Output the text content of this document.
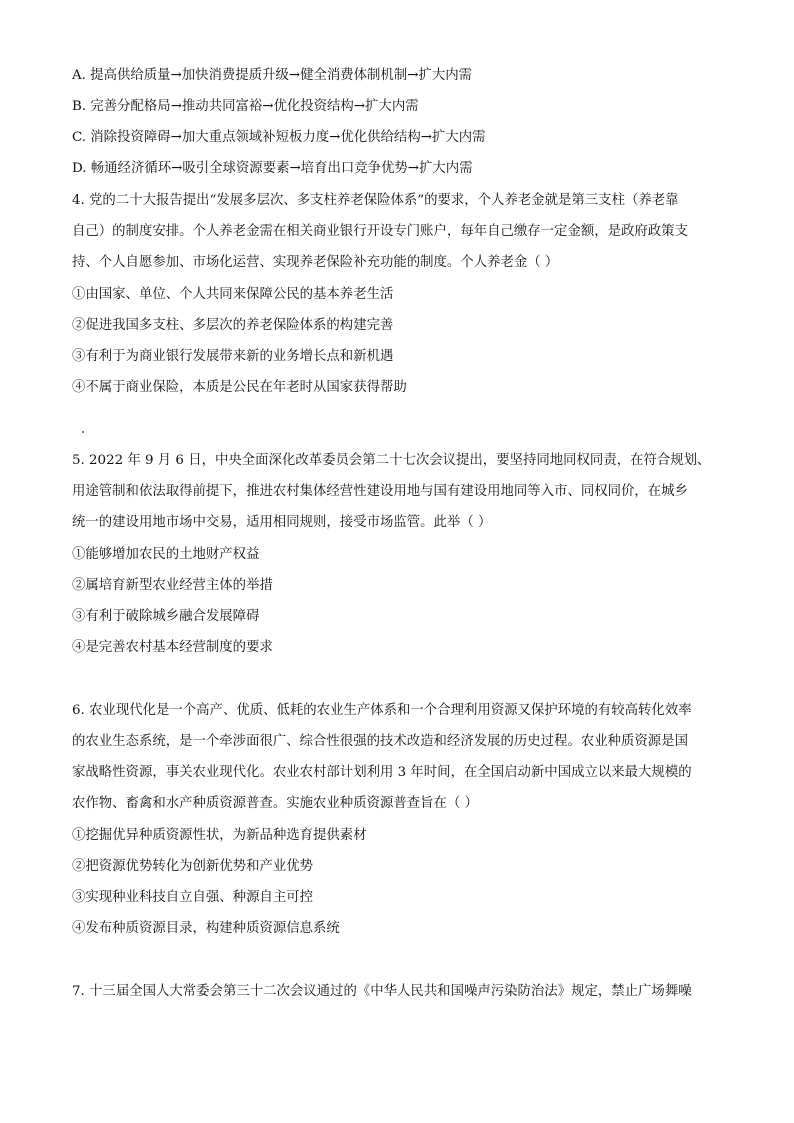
A. 提高供给质量→加快消费提质升级→健全消费体制机制→扩大内需
B. 完善分配格局→推动共同富裕→优化投资结构→扩大内需
C. 消除投资障碍→加大重点领域补短板力度→优化供给结构→扩大内需
D. 畅通经济循环→吸引全球资源要素→培育出口竞争优势→扩大内需
4. 党的二十大报告提出“发展多层次、多支柱养老保险体系”的要求，个人养老金就是第三支柱（养老靠
自己）的制度安排。个人养老金需在相关商业银行开设专门账户，每年自己缴存一定金额，是政府政策支
持、个人自愿参加、市场化运营、实现养老保险补充功能的制度。个人养老金（ ）
①由国家、单位、个人共同来保障公民的基本养老生活
②促进我国多支柱、多层次的养老保险体系的构建完善
③有利于为商业银行发展带来新的业务增长点和新机遇
④不属于商业保险，本质是公民在年老时从国家获得帮助
5. 2022 年 9 月 6 日，中央全面深化改革委员会第二十七次会议提出，要坚持同地同权同责，在符合规划、
用途管制和依法取得前提下，推进农村集体经营性建设用地与国有建设用地同等入市、同权同价，在城乡
统一的建设用地市场中交易，适用相同规则，接受市场监管。此举（ ）
①能够增加农民的土地财产权益
②属培育新型农业经营主体的举措
③有利于破除城乡融合发展障碍
④是完善农村基本经营制度的要求
6. 农业现代化是一个高产、优质、低耗的农业生产体系和一个合理利用资源又保护环境的有较高转化效率
的农业生态系统，是一个牵涉面很广、综合性很强的技术改造和经济发展的历史过程。农业种质资源是国
家战略性资源，事关农业现代化。农业农村部计划利用 3 年时间，在全国启动新中国成立以来最大规模的
农作物、畜禽和水产种质资源普查。实施农业种质资源普查旨在（ ）
①挖掘优异种质资源性状，为新品种选育提供素材
②把资源优势转化为创新优势和产业优势
③实现种业科技自立自强、种源自主可控
④发布种质资源目录，构建种质资源信息系统
7. 十三届全国人大常委会第三十二次会议通过的《中华人民共和国噪声污染防治法》规定，禁止广场舞噪
